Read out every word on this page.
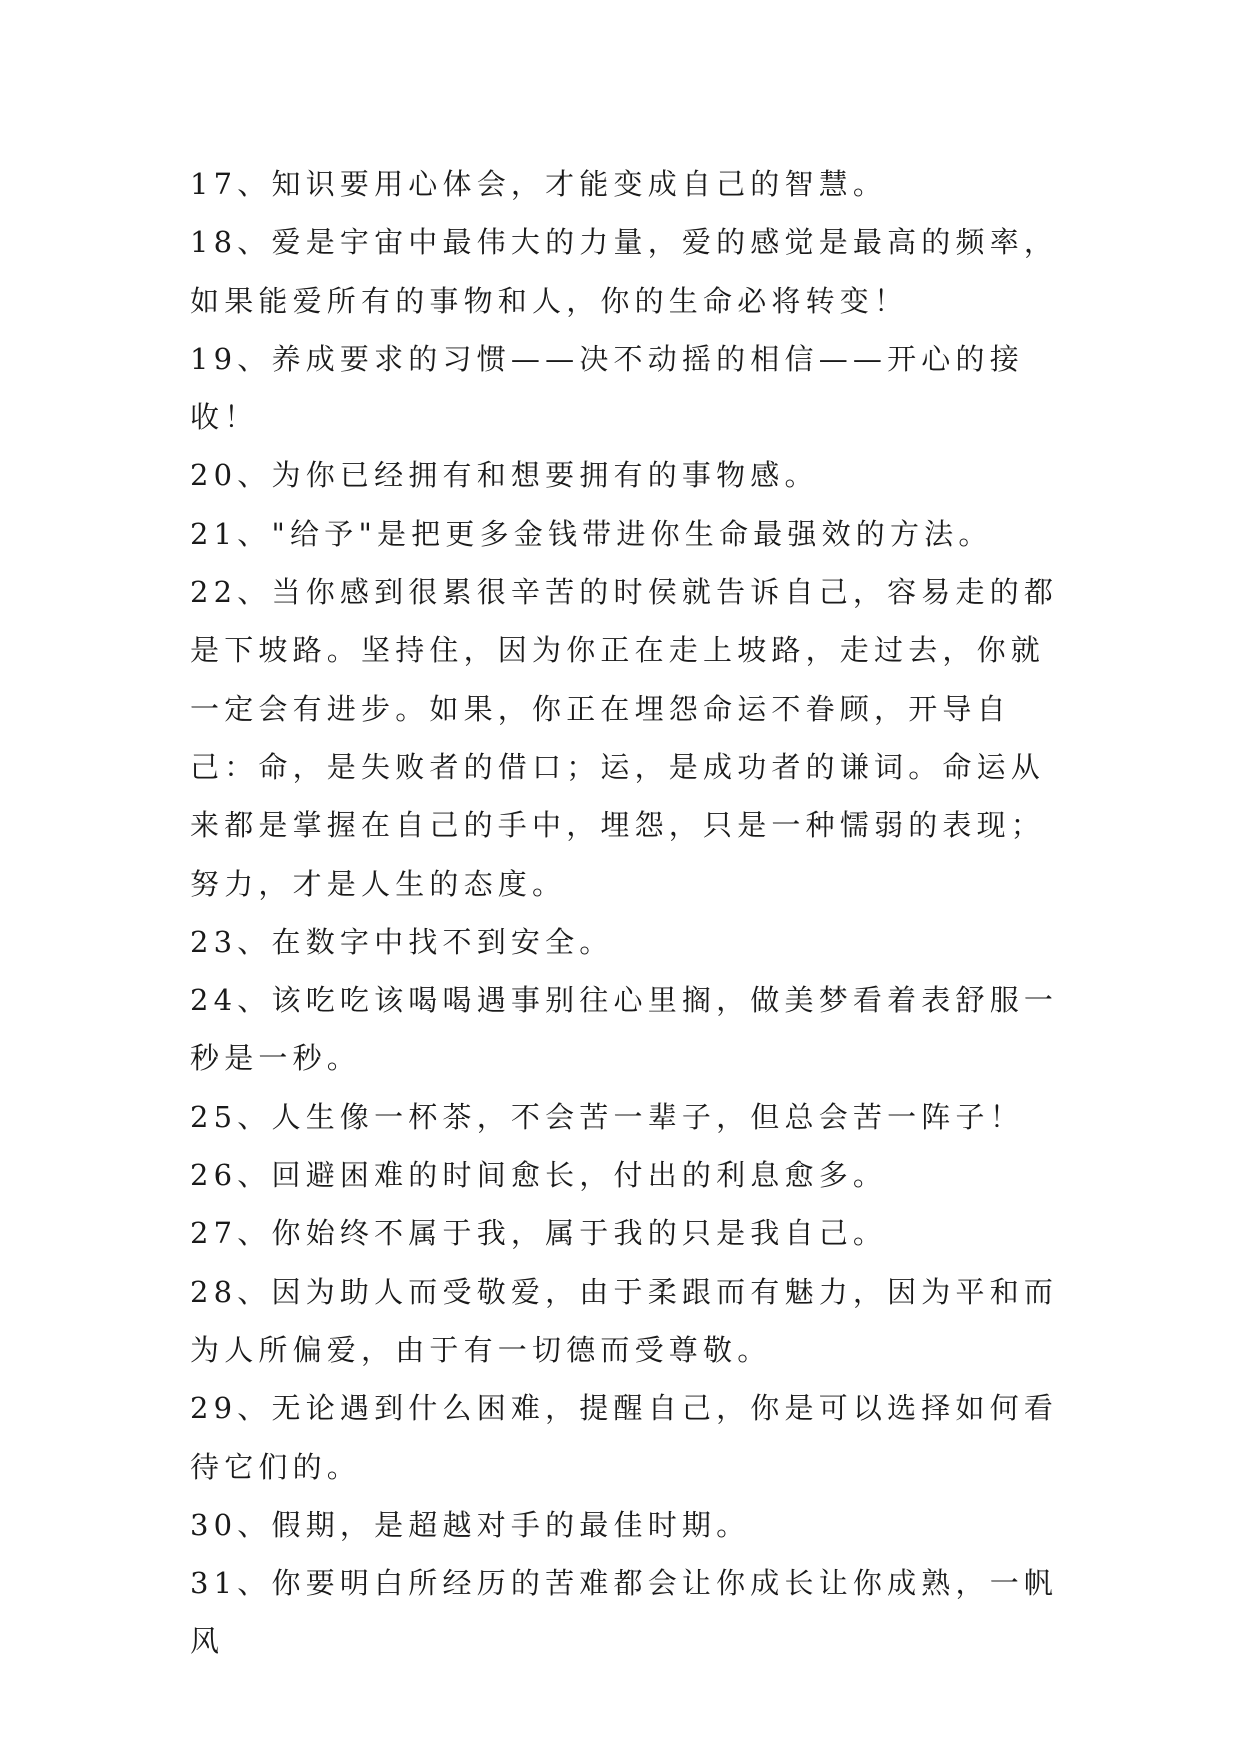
17、知识要用心体会，才能变成自己的智慧。

18、爱是宇宙中最伟大的力量，爱的感觉是最高的频率，如果能爱所有的事物和人，你的生命必将转变！

19、养成要求的习惯——决不动摇的相信——开心的接收！

20、为你已经拥有和想要拥有的事物感。

21、"给予"是把更多金钱带进你生命最强效的方法。

22、当你感到很累很辛苦的时侯就告诉自己，容易走的都是下坡路。坚持住，因为你正在走上坡路，走过去，你就一定会有进步。如果，你正在埋怨命运不眷顾，开导自己：命，是失败者的借口；运，是成功者的谦词。命运从来都是掌握在自己的手中，埋怨，只是一种懦弱的表现；努力，才是人生的态度。

23、在数字中找不到安全。

24、该吃吃该喝喝遇事别往心里搁，做美梦看着表舒服一秒是一秒。

25、人生像一杯茶，不会苦一辈子，但总会苦一阵子！

26、回避困难的时间愈长，付出的利息愈多。

27、你始终不属于我，属于我的只是我自己。

28、因为助人而受敬爱，由于柔跟而有魅力，因为平和而为人所偏爱，由于有一切德而受尊敬。

29、无论遇到什么困难，提醒自己，你是可以选择如何看待它们的。

30、假期，是超越对手的最佳时期。

31、你要明白所经历的苦难都会让你成长让你成熟，一帆风
